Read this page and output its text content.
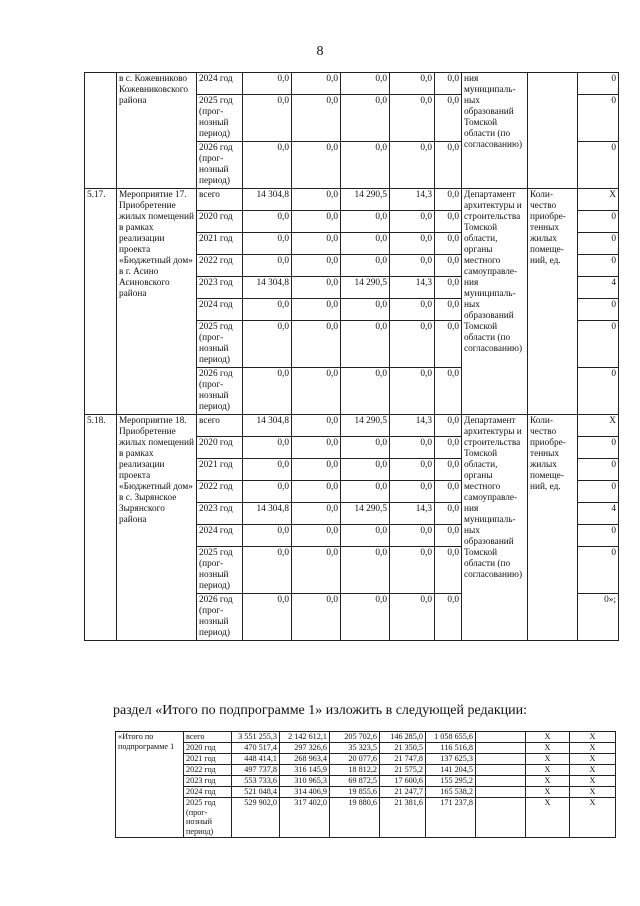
8
	в с. Кожевниково Кожевниковского района	2024 год	0,0	0,0	0,0	0,0	0,0	ния муниципаль-ных образований Томской области (по согласованию)		0
		2025 год (прог-нозный период)	0,0	0,0	0,0	0,0	0,0			0
		2026 год (прог-нозный период)	0,0	0,0	0,0	0,0	0,0			0
5.17.	Мероприятие 17. Приобретение жилых помещений в рамках реализации проекта «Бюджетный дом» в г. Асино Асиновского района	всего	14 304,8	0,0	14 290,5	14,3	0,0	Департамент архитектуры и строительства Томской области, органы местного самоуправле-ния муниципаль-ных образований Томской области (по согласованию)	Коли-чество приобре-тенных жилых помеще-ний, ед.	X
		2020 год	0,0	0,0	0,0	0,0	0,0			0
		2021 год	0,0	0,0	0,0	0,0	0,0			0
		2022 год	0,0	0,0	0,0	0,0	0,0			0
		2023 год	14 304,8	0,0	14 290,5	14,3	0,0			4
		2024 год	0,0	0,0	0,0	0,0	0,0			0
		2025 год (прог-нозный период)	0,0	0,0	0,0	0,0	0,0			0
		2026 год (прог-нозный период)	0,0	0,0	0,0	0,0	0,0			0
5.18.	Мероприятие 18. Приобретение жилых помещений в рамках реализации проекта «Бюджетный дом» в с. Зырянское Зырянского района	всего	14 304,8	0,0	14 290,5	14,3	0,0	Департамент архитектуры и строительства Томской области, органы местного самоуправле-ния муниципаль-ных образований Томской области (по согласованию)	Коли-чество приобре-тенных жилых помеще-ний, ед.	X
		2020 год	0,0	0,0	0,0	0,0	0,0			0
		2021 год	0,0	0,0	0,0	0,0	0,0			0
		2022 год	0,0	0,0	0,0	0,0	0,0			0
		2023 год	14 304,8	0,0	14 290,5	14,3	0,0			4
		2024 год	0,0	0,0	0,0	0,0	0,0			0
		2025 год (прог-нозный период)	0,0	0,0	0,0	0,0	0,0			0
		2026 год (прог-нозный период)	0,0	0,0	0,0	0,0	0,0			0»;
раздел «Итого по подпрограмме 1» изложить в следующей редакции:
«Итого по подпрограмме 1	всего	3 551 255,3	2 142 612,1	205 702,6	146 285,0	1 058 655,6		X	X
	2020 год	470 517,4	297 326,6	35 323,5	21 350,5	116 516,8		X	X
	2021 год	448 414,1	268 963,4	20 077,6	21 747,8	137 625,3		X	X
	2022 год	497 737,8	316 145,9	18 812,2	21 575,2	141 204,5		X	X
	2023 год	553 733,6	310 965,3	69 872,5	17 600,6	155 295,2		X	X
	2024 год	521 048,4	314 406,9	19 855,6	21 247,7	165 538,2		X	X
	2025 год (прог-нозный период)	529 902,0	317 402,0	19 880,6	21 381,6	171 237,8		X	X
